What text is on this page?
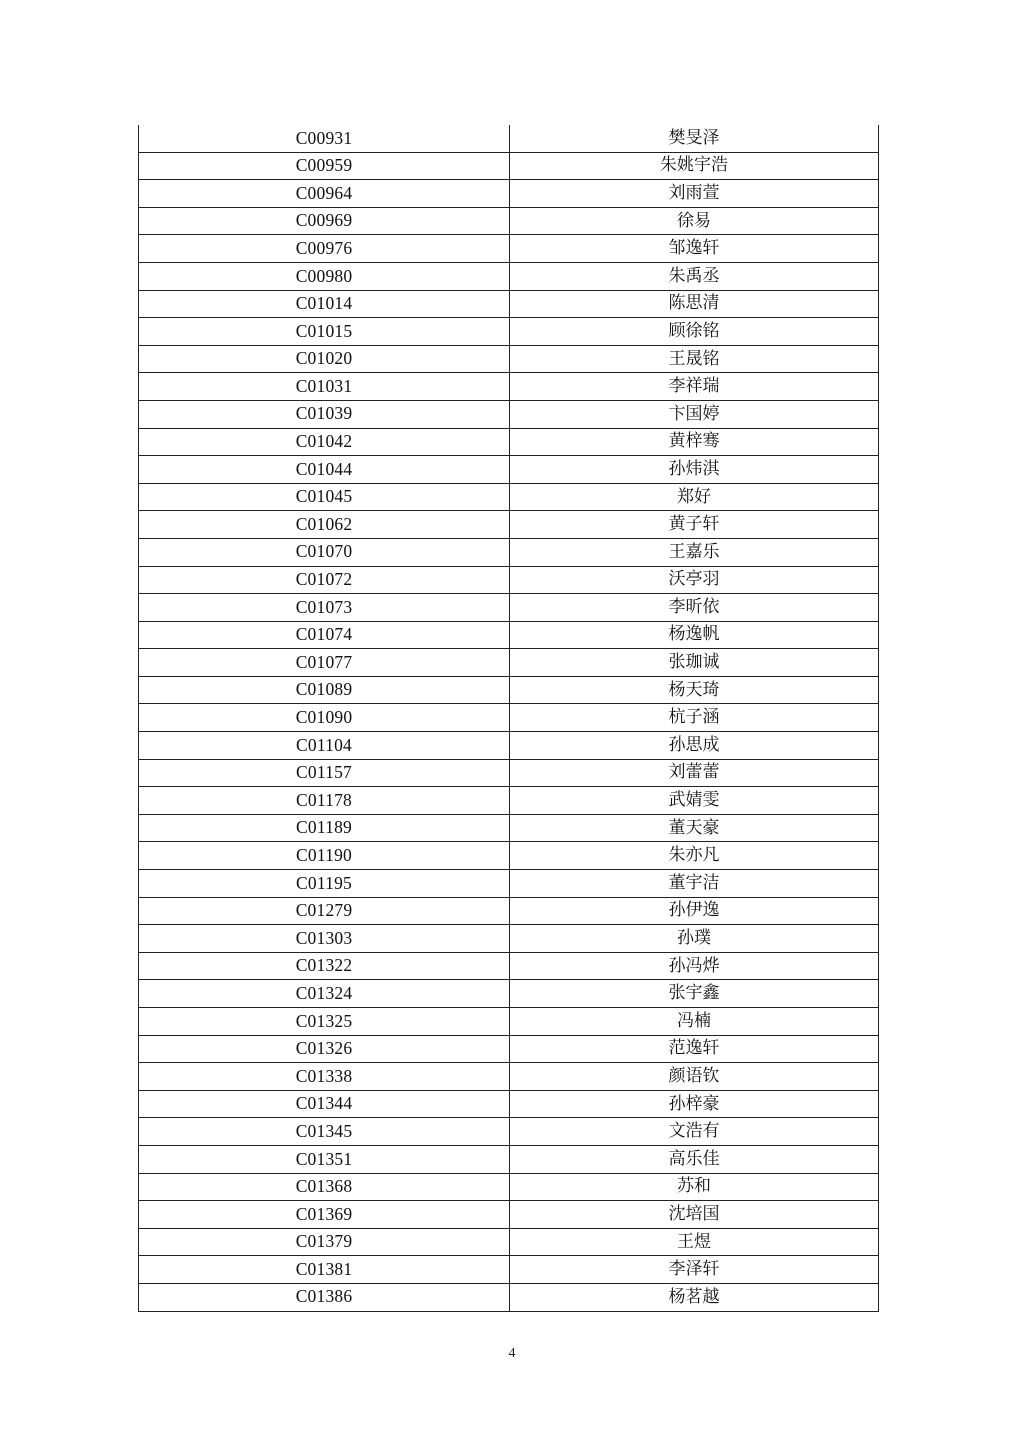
C00931	樊旻泽
C00959	朱姚宇浩
C00964	刘雨萱
C00969	徐易
C00976	邹逸轩
C00980	朱禹丞
C01014	陈思清
C01015	顾徐铭
C01020	王晟铭
C01031	李祥瑞
C01039	卞国婷
C01042	黄梓骞
C01044	孙炜淇
C01045	郑好
C01062	黄子轩
C01070	王嘉乐
C01072	沃亭羽
C01073	李昕依
C01074	杨逸帆
C01077	张珈诚
C01089	杨天琦
C01090	杭子涵
C01104	孙思成
C01157	刘蕾蕾
C01178	武婧雯
C01189	董天豪
C01190	朱亦凡
C01195	董宇洁
C01279	孙伊逸
C01303	孙璞
C01322	孙冯烨
C01324	张宇鑫
C01325	冯楠
C01326	范逸轩
C01338	颜语钦
C01344	孙梓豪
C01345	文浩有
C01351	高乐佳
C01368	苏和
C01369	沈培国
C01379	王煜
C01381	李泽轩
C01386	杨茗越
4
